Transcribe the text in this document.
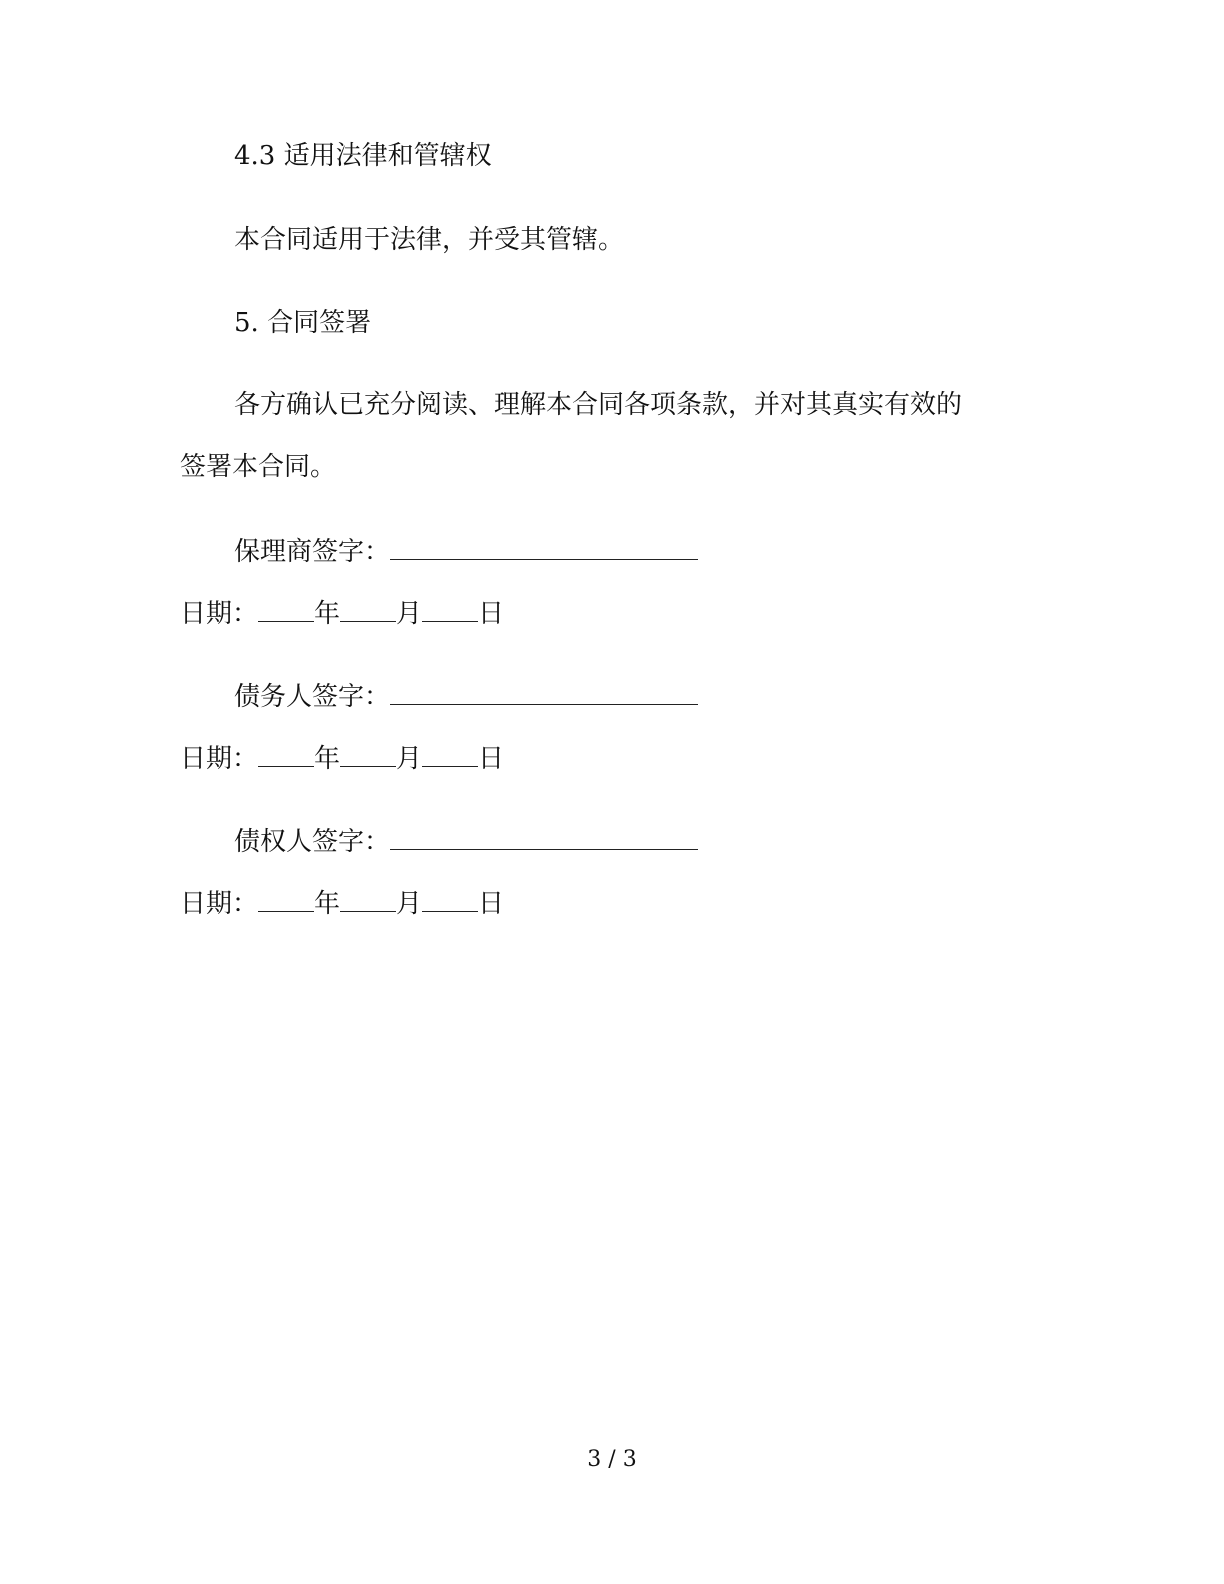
4.3 适用法律和管辖权
本合同适用于法律，并受其管辖。
5. 合同签署
各方确认已充分阅读、理解本合同各项条款，并对其真实有效的
签署本合同。
保理商签字：
日期： 年 月 日
债务人签字：
日期： 年 月 日
债权人签字：
日期： 年 月 日
3 / 3
